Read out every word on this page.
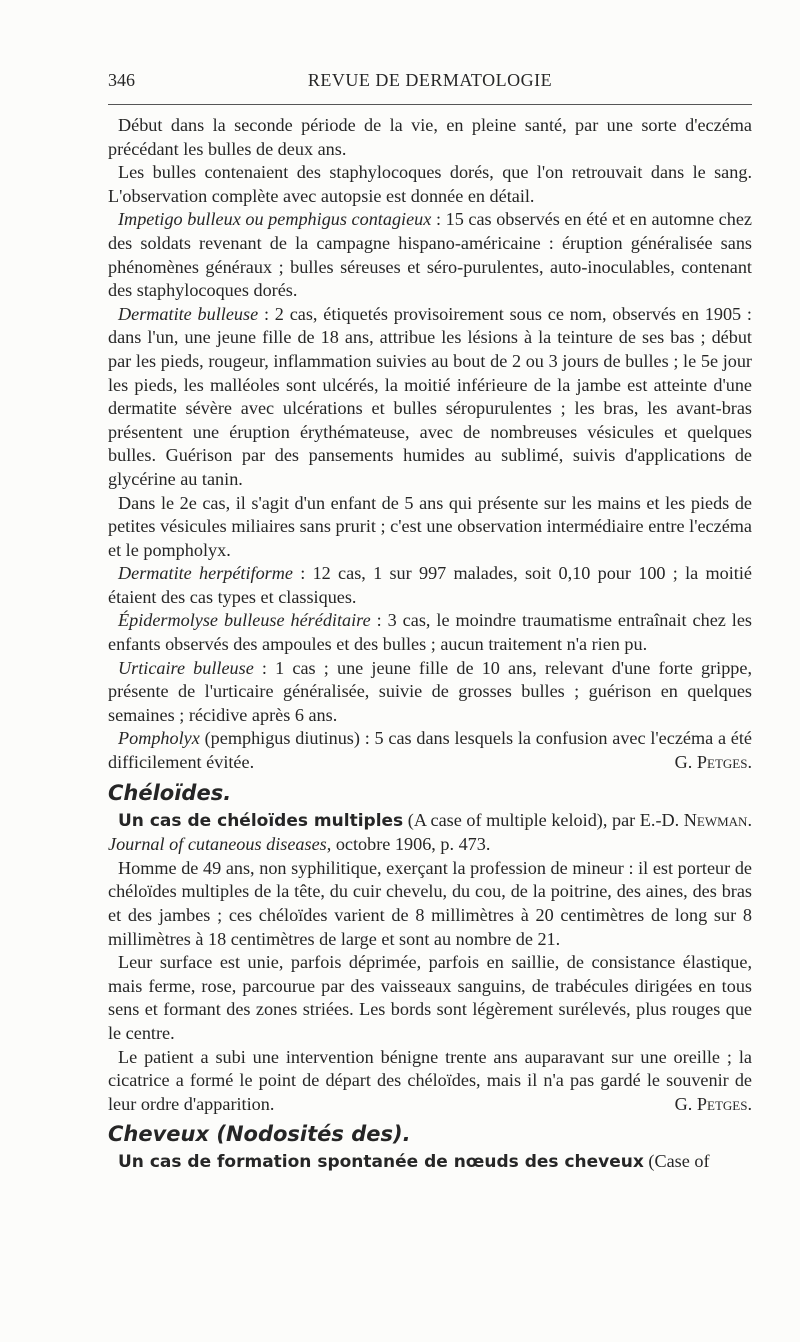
346	REVUE DE DERMATOLOGIE

Début dans la seconde période de la vie, en pleine santé, par une sorte d'eczéma précédant les bulles de deux ans.

Les bulles contenaient des staphylocoques dorés, que l'on retrouvait dans le sang. L'observation complète avec autopsie est donnée en détail.

Impetigo bulleux ou pemphigus contagieux : 15 cas observés en été et en automne chez des soldats revenant de la campagne hispano-américaine : éruption généralisée sans phénomènes généraux ; bulles séreuses et séro-purulentes, auto-inoculables, contenant des staphylocoques dorés.

Dermatite bulleuse : 2 cas, étiquetés provisoirement sous ce nom, observés en 1905 : dans l'un, une jeune fille de 18 ans, attribue les lésions à la teinture de ses bas ; début par les pieds, rougeur, inflammation suivies au bout de 2 ou 3 jours de bulles ; le 5e jour les pieds, les malléoles sont ulcérés, la moitié inférieure de la jambe est atteinte d'une dermatite sévère avec ulcérations et bulles séropurulentes ; les bras, les avant-bras présentent une éruption érythémateuse, avec de nombreuses vésicules et quelques bulles. Guérison par des pansements humides au sublimé, suivis d'applications de glycérine au tanin.

Dans le 2e cas, il s'agit d'un enfant de 5 ans qui présente sur les mains et les pieds de petites vésicules miliaires sans prurit ; c'est une observation intermédiaire entre l'eczéma et le pompholyx.

Dermatite herpétiforme : 12 cas, 1 sur 997 malades, soit 0,10 pour 100 ; la moitié étaient des cas types et classiques.

Épidermolyse bulleuse héréditaire : 3 cas, le moindre traumatisme entraînait chez les enfants observés des ampoules et des bulles ; aucun traitement n'a rien pu.

Urticaire bulleuse : 1 cas ; une jeune fille de 10 ans, relevant d'une forte grippe, présente de l'urticaire généralisée, suivie de grosses bulles ; guérison en quelques semaines ; récidive après 6 ans.

Pompholyx (pemphigus diutinus) : 5 cas dans lesquels la confusion avec l'eczéma a été difficilement évitée.	G. Petges.

Chéloïdes.

Un cas de chéloïdes multiples (A case of multiple keloid), par E.-D. Newman. Journal of cutaneous diseases, octobre 1906, p. 473.

Homme de 49 ans, non syphilitique, exerçant la profession de mineur : il est porteur de chéloïdes multiples de la tête, du cuir chevelu, du cou, de la poitrine, des aines, des bras et des jambes ; ces chéloïdes varient de 8 millimètres à 20 centimètres de long sur 8 millimètres à 18 centimètres de large et sont au nombre de 21.

Leur surface est unie, parfois déprimée, parfois en saillie, de consistance élastique, mais ferme, rose, parcourue par des vaisseaux sanguins, de trabécules dirigées en tous sens et formant des zones striées. Les bords sont légèrement surélevés, plus rouges que le centre.

Le patient a subi une intervention bénigne trente ans auparavant sur une oreille ; la cicatrice a formé le point de départ des chéloïdes, mais il n'a pas gardé le souvenir de leur ordre d'apparition.	G. Petges.

Cheveux (Nodosités des).

Un cas de formation spontanée de nœuds des cheveux (Case of
